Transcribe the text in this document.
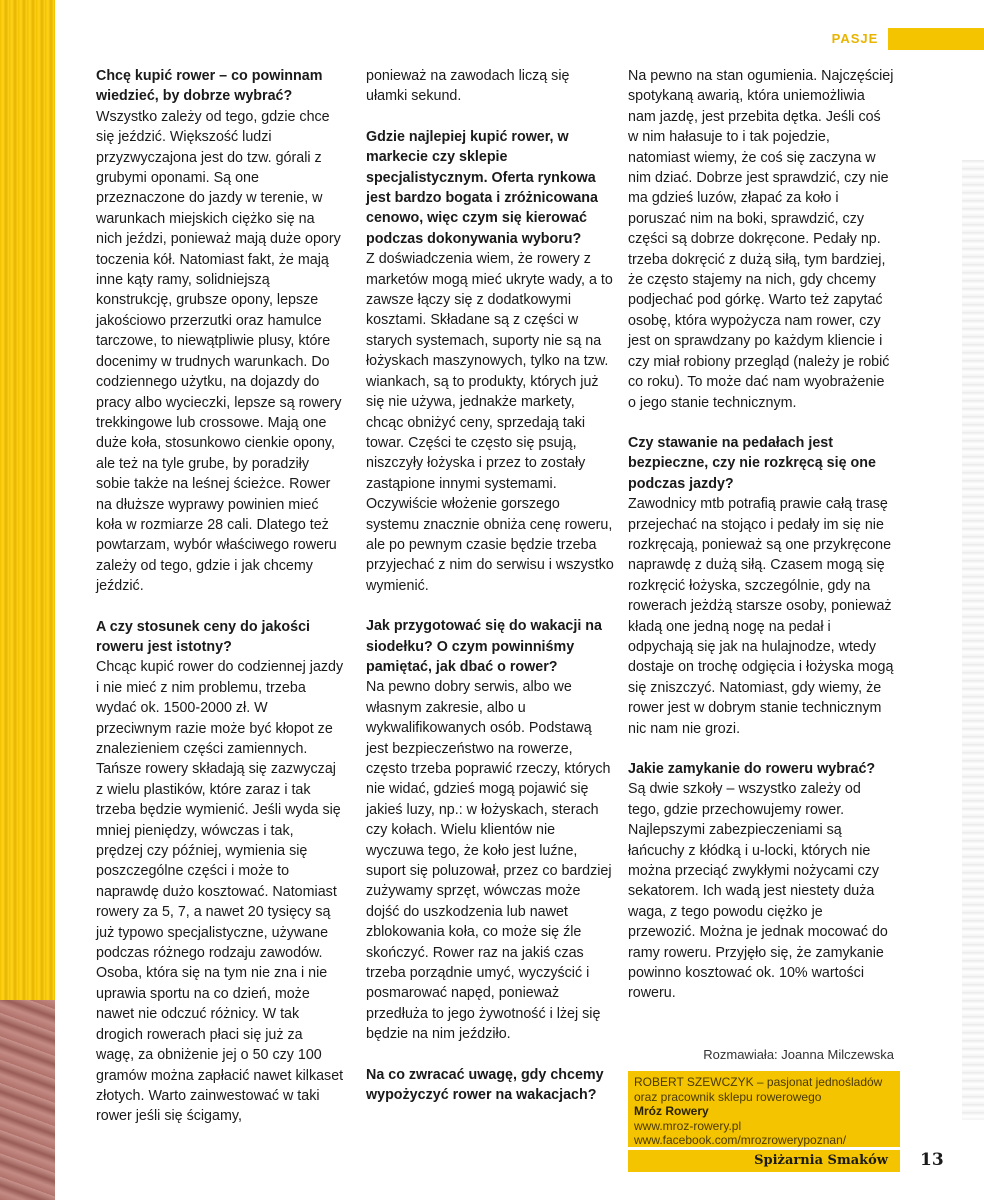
PASJE

Chcę kupić rower – co powinnam wiedzieć, by dobrze wybrać?

Wszystko zależy od tego, gdzie chce się jeździć. Większość ludzi przyzwyczajona jest do tzw. górali z grubymi oponami. Są one przeznaczone do jazdy w terenie, w warunkach miejskich ciężko się na nich jeździ, ponieważ mają duże opory toczenia kół. Natomiast fakt, że mają inne kąty ramy, solidniejszą konstrukcję, grubsze opony, lepsze jakościowo przerzutki oraz hamulce tarczowe, to niewątpliwie plusy, które docenimy w trudnych warunkach. Do codziennego użytku, na dojazdy do pracy albo wycieczki, lepsze są rowery trekkingowe lub crossowe. Mają one duże koła, stosunkowo cienkie opony, ale też na tyle grube, by poradziły sobie także na leśnej ścieżce. Rower na dłuższe wyprawy powinien mieć koła w rozmiarze 28 cali. Dlatego też powtarzam, wybór właściwego roweru zależy od tego, gdzie i jak chcemy jeździć.

A czy stosunek ceny do jakości roweru jest istotny?

Chcąc kupić rower do codziennej jazdy i nie mieć z nim problemu, trzeba wydać ok. 1500-2000 zł. W przeciwnym razie może być kłopot ze znalezieniem części zamiennych. Tańsze rowery składają się zazwyczaj z wielu plastików, które zaraz i tak trzeba będzie wymienić. Jeśli wyda się mniej pieniędzy, wówczas i tak, prędzej czy później, wymienia się poszczególne części i może to naprawdę dużo kosztować. Natomiast rowery za 5, 7, a nawet 20 tysięcy są już typowo specjalistyczne, używane podczas różnego rodzaju zawodów. Osoba, która się na tym nie zna i nie uprawia sportu na co dzień, może nawet nie odczuć różnicy. W tak drogich rowerach płaci się już za wagę, za obniżenie jej o 50 czy 100 gramów można zapłacić nawet kilkaset złotych. Warto zainwestować w taki rower jeśli się ścigamy,

ponieważ na zawodach liczą się ułamki sekund.

Gdzie najlepiej kupić rower, w markecie czy sklepie specjalistycznym. Oferta rynkowa jest bardzo bogata i zróżnicowana cenowo, więc czym się kierować podczas dokonywania wyboru?

Z doświadczenia wiem, że rowery z marketów mogą mieć ukryte wady, a to zawsze łączy się z dodatkowymi kosztami. Składane są z części w starych systemach, suporty nie są na łożyskach maszynowych, tylko na tzw. wiankach, są to produkty, których już się nie używa, jednakże markety, chcąc obniżyć ceny, sprzedają taki towar. Części te często się psują, niszczyły łożyska i przez to zostały zastąpione innymi systemami. Oczywiście włożenie gorszego systemu znacznie obniża cenę roweru, ale po pewnym czasie będzie trzeba przyjechać z nim do serwisu i wszystko wymienić.

Jak przygotować się do wakacji na siodełku? O czym powinniśmy pamiętać, jak dbać o rower?

Na pewno dobry serwis, albo we własnym zakresie, albo u wykwalifikowanych osób. Podstawą jest bezpieczeństwo na rowerze, często trzeba poprawić rzeczy, których nie widać, gdzieś mogą pojawić się jakieś luzy, np.: w łożyskach, sterach czy kołach. Wielu klientów nie wyczuwa tego, że koło jest luźne, suport się poluzował, przez co bardziej zużywamy sprzęt, wówczas może dojść do uszkodzenia lub nawet zblokowania koła, co może się źle skończyć. Rower raz na jakiś czas trzeba porządnie umyć, wyczyścić i posmarować napęd, ponieważ przedłuża to jego żywotność i lżej się będzie na nim jeździło.

Na co zwracać uwagę, gdy chcemy wypożyczyć rower na wakacjach?

Na pewno na stan ogumienia. Najczęściej spotykaną awarią, która uniemożliwia nam jazdę, jest przebita dętka. Jeśli coś w nim hałasuje to i tak pojedzie, natomiast wiemy, że coś się zaczyna w nim dziać. Dobrze jest sprawdzić, czy nie ma gdzieś luzów, złapać za koło i poruszać nim na boki, sprawdzić, czy części są dobrze dokręcone. Pedały np. trzeba dokręcić z dużą siłą, tym bardziej, że często stajemy na nich, gdy chcemy podjechać pod górkę. Warto też zapytać osobę, która wypożycza nam rower, czy jest on sprawdzany po każdym kliencie i czy miał robiony przegląd (należy je robić co roku). To może dać nam wyobrażenie o jego stanie technicznym.

Czy stawanie na pedałach jest bezpieczne, czy nie rozkręcą się one podczas jazdy?

Zawodnicy mtb potrafią prawie całą trasę przejechać na stojąco i pedały im się nie rozkręcają, ponieważ są one przykręcone naprawdę z dużą siłą. Czasem mogą się rozkręcić łożyska, szczególnie, gdy na rowerach jeżdżą starsze osoby, ponieważ kładą one jedną nogę na pedał i odpychają się jak na hulajnodze, wtedy dostaje on trochę odgięcia i łożyska mogą się zniszczyć. Natomiast, gdy wiemy, że rower jest w dobrym stanie technicznym nic nam nie grozi.

Jakie zamykanie do roweru wybrać?

Są dwie szkoły – wszystko zależy od tego, gdzie przechowujemy rower. Najlepszymi zabezpieczeniami są łańcuchy z kłódką i u-locki, których nie można przeciąć zwykłymi nożycami czy sekatorem. Ich wadą jest niestety duża waga, z tego powodu ciężko je przewozić. Można je jednak mocować do ramy roweru. Przyjęło się, że zamykanie powinno kosztować ok. 10% wartości roweru.

Rozmawiała: Joanna Milczewska
ROBERT SZEWCZYK – pasjonat jednośladów
oraz pracownik sklepu rowerowego
Mróz Rowery
www.mroz-rowery.pl
www.facebook.com/mrozrowerypoznan/
Spiżarnia Smaków	13
